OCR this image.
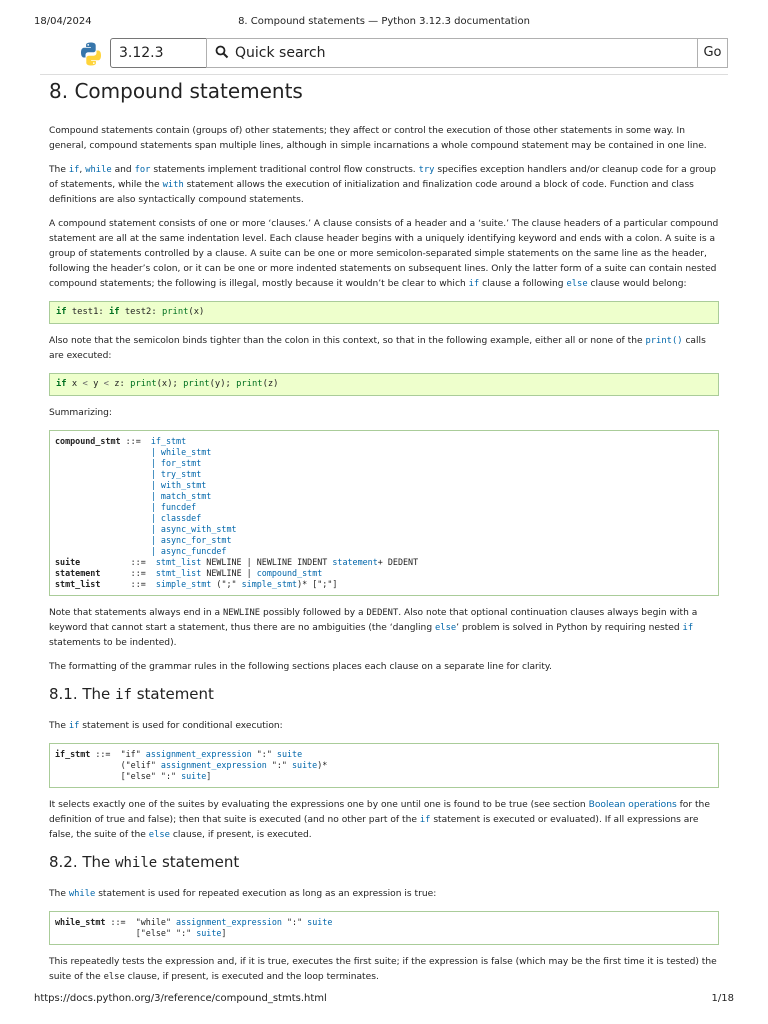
18/04/2024	8. Compound statements — Python 3.12.3 documentation
3.12.3	Quick search	Go
8. Compound statements

Compound statements contain (groups of) other statements; they affect or control the execution of those other statements in some way. In general, compound statements span multiple lines, although in simple incarnations a whole compound statement may be contained in one line.

The if, while and for statements implement traditional control flow constructs. try specifies exception handlers and/or cleanup code for a group of statements, while the with statement allows the execution of initialization and finalization code around a block of code. Function and class definitions are also syntactically compound statements.

A compound statement consists of one or more ‘clauses.’ A clause consists of a header and a ‘suite.’ The clause headers of a particular compound statement are all at the same indentation level. Each clause header begins with a uniquely identifying keyword and ends with a colon. A suite is a group of statements controlled by a clause. A suite can be one or more semicolon-separated simple statements on the same line as the header, following the header’s colon, or it can be one or more indented statements on subsequent lines. Only the latter form of a suite can contain nested compound statements; the following is illegal, mostly because it wouldn’t be clear to which if clause a following else clause would belong:

if test1: if test2: print(x)

Also note that the semicolon binds tighter than the colon in this context, so that in the following example, either all or none of the print() calls are executed:

if x < y < z: print(x); print(y); print(z)

Summarizing:

compound_stmt ::= if_stmt
| while_stmt
| for_stmt
| try_stmt
| with_stmt
| match_stmt
| funcdef
| classdef
| async_with_stmt
| async_for_stmt
| async_funcdef
suite	::= stmt_list NEWLINE | NEWLINE INDENT statement+ DEDENT
statement	::= stmt_list NEWLINE | compound_stmt
stmt_list	::= simple_stmt (";" simple_stmt)* [";"]

Note that statements always end in a NEWLINE possibly followed by a DEDENT. Also note that optional continuation clauses always begin with a keyword that cannot start a statement, thus there are no ambiguities (the ‘dangling else’ problem is solved in Python by requiring nested if statements to be indented).

The formatting of the grammar rules in the following sections places each clause on a separate line for clarity.

8.1. The if statement

The if statement is used for conditional execution:

if_stmt ::= "if" assignment_expression ":" suite
("elif" assignment_expression ":" suite)*
["else" ":" suite]

It selects exactly one of the suites by evaluating the expressions one by one until one is found to be true (see section Boolean operations for the definition of true and false); then that suite is executed (and no other part of the if statement is executed or evaluated). If all expressions are false, the suite of the else clause, if present, is executed.

8.2. The while statement

The while statement is used for repeated execution as long as an expression is true:

while_stmt ::= "while" assignment_expression ":" suite
["else" ":" suite]

This repeatedly tests the expression and, if it is true, executes the first suite; if the expression is false (which may be the first time it is tested) the suite of the else clause, if present, is executed and the loop terminates.

https://docs.python.org/3/reference/compound_stmts.html	1/18
